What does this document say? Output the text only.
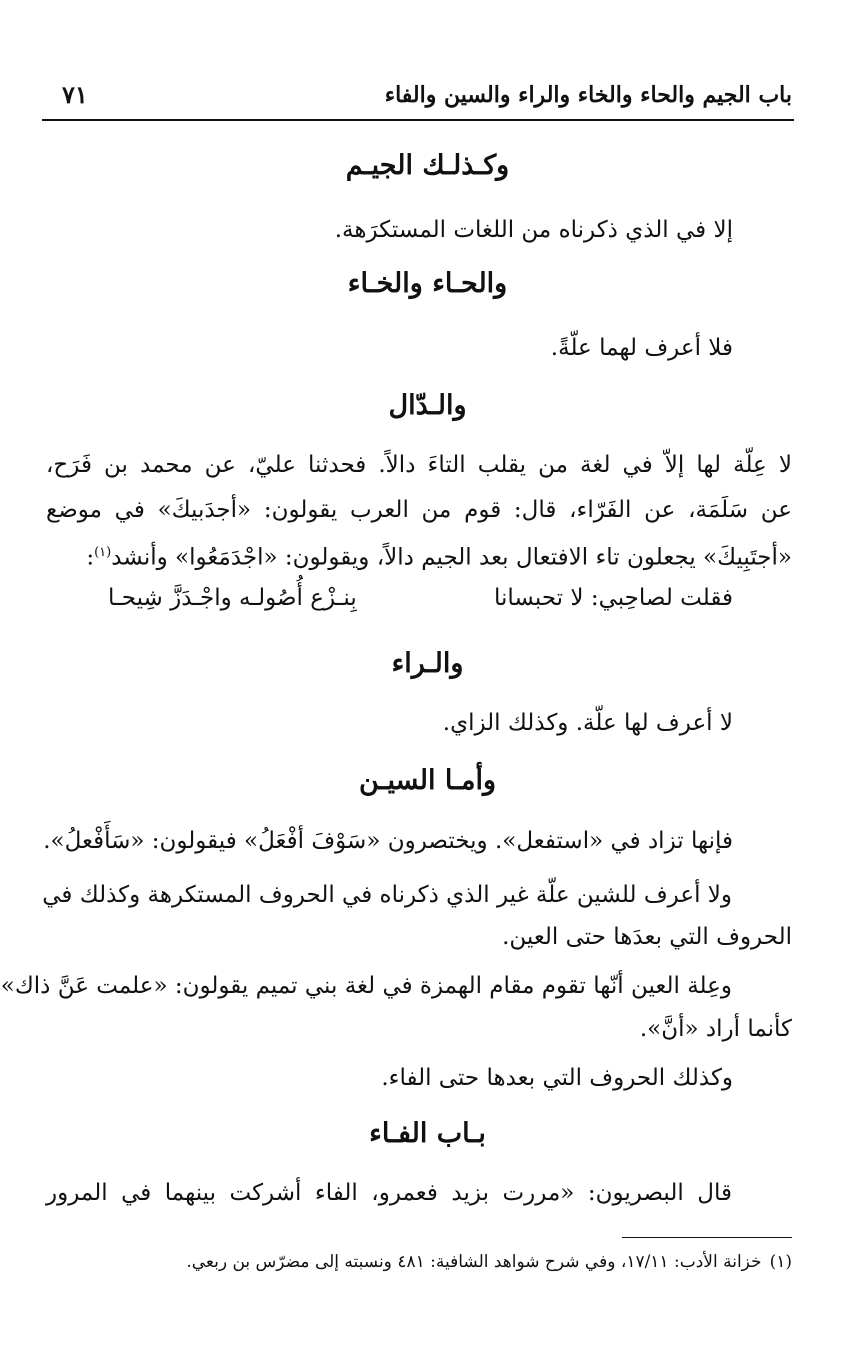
باب الجيم والحاء والخاء والراء والسين والفاء
٧١
وكـذلـك الجيـم
إلا في الذي ذكرناه من اللغات المستكرَهة.
والحـاء والخـاء
فلا أعرف لهما علّةً.
والـدّال
لا عِلّة لها إلاّ في لغة من يقلب التاءَ دالاً. فحدثنا عليّ، عن محمد بن فَرَح،
عن سَلَمَة، عن الفَرّاء، قال: قوم من العرب يقولون: «أجدَبيكَ» في موضع
«أجتَبِيكَ» يجعلون تاء الافتعال بعد الجيم دالاً، ويقولون: «اجْدَمَعُوا» وأنشد$^{(١)}$:
فقلت لصاحِبي: لا تحبسانا
بِنـزْع أُصُولـه واجْـدَزَّ شِيحـا
والـراء
لا أعرف لها علّة. وكذلك الزاي.
وأمـا السيـن
فإنها تزاد في «استفعل». ويختصرون «سَوْفَ أفْعَلُ» فيقولون: «سَأَفْعلُ».
ولا أعرف للشين علّة غير الذي ذكرناه في الحروف المستكرهة وكذلك في
الحروف التي بعدَها حتى العين.
وعِلة العين أنّها تقوم مقام الهمزة في لغة بني تميم يقولون: «علمت عَنَّ ذاك»
كأنما أراد «أنَّ».
وكذلك الحروف التي بعدها حتى الفاء.
بـاب الفـاء
قال البصريون: «مررت بزيد فعمرو، الفاء أشركت بينهما في المرور
(١)خزانة الأدب: ١٧/١١، وفي شرح شواهد الشافية: ٤٨١ ونسبته إلى مضرّس بن ربعي.
